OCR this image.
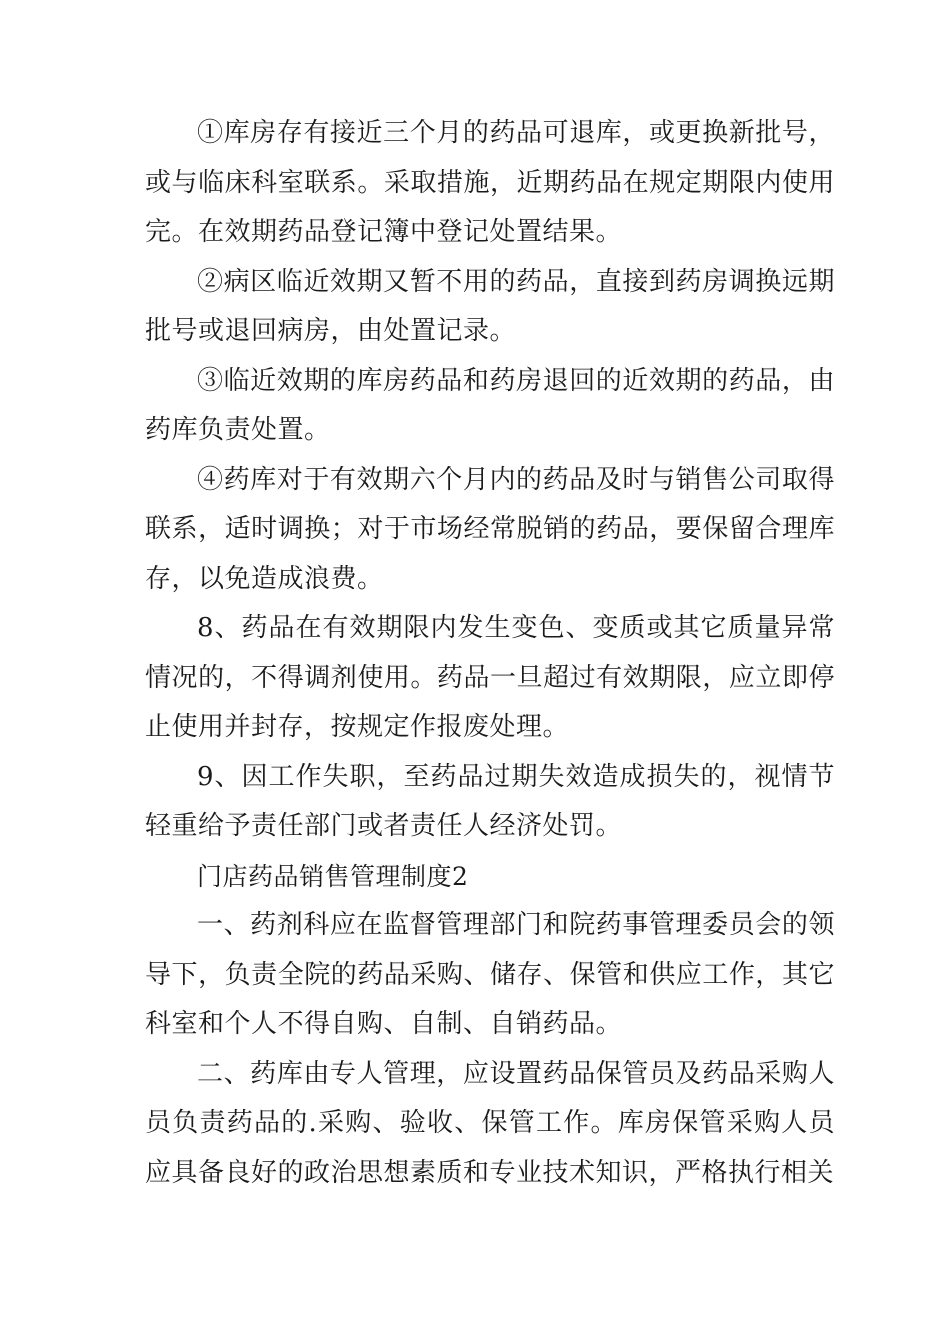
①库房存有接近三个月的药品可退库，或更换新批号，或与临床科室联系。采取措施，近期药品在规定期限内使用完。在效期药品登记簿中登记处置结果。

②病区临近效期又暂不用的药品，直接到药房调换远期批号或退回病房，由处置记录。

③临近效期的库房药品和药房退回的近效期的药品，由药库负责处置。

④药库对于有效期六个月内的药品及时与销售公司取得联系，适时调换；对于市场经常脱销的药品，要保留合理库存，以免造成浪费。

8、药品在有效期限内发生变色、变质或其它质量异常情况的，不得调剂使用。药品一旦超过有效期限，应立即停止使用并封存，按规定作报废处理。

9、因工作失职，至药品过期失效造成损失的，视情节轻重给予责任部门或者责任人经济处罚。

门店药品销售管理制度2

一、药剂科应在监督管理部门和院药事管理委员会的领导下，负责全院的药品采购、储存、保管和供应工作，其它科室和个人不得自购、自制、自销药品。

二、药库由专人管理，应设置药品保管员及药品采购人员负责药品的.采购、验收、保管工作。库房保管采购人员应具备良好的政治思想素质和专业技术知识，严格执行相关
